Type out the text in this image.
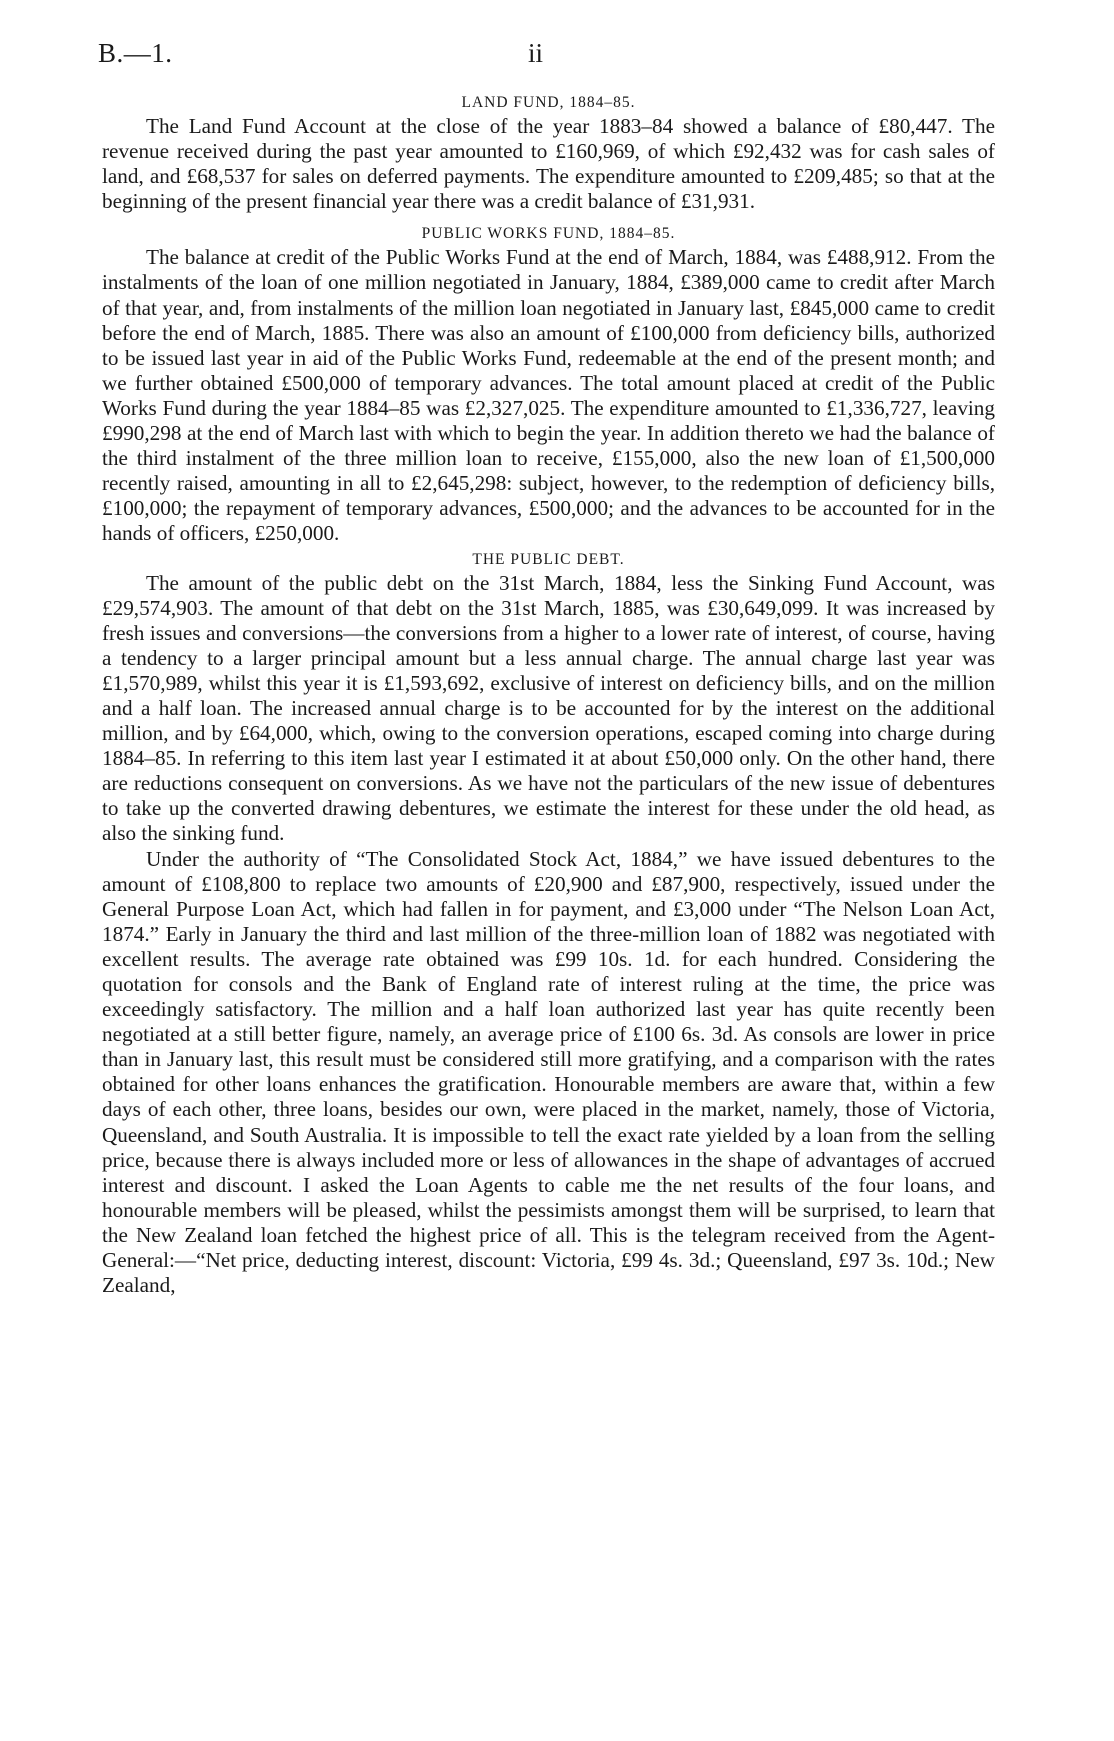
B.—1.	ii
LAND FUND, 1884–85.

The Land Fund Account at the close of the year 1883–84 showed a balance of £80,447. The revenue received during the past year amounted to £160,969, of which £92,432 was for cash sales of land, and £68,537 for sales on deferred payments. The expenditure amounted to £209,485; so that at the beginning of the present financial year there was a credit balance of £31,931.

PUBLIC WORKS FUND, 1884–85.

The balance at credit of the Public Works Fund at the end of March, 1884, was £488,912. From the instalments of the loan of one million negotiated in January, 1884, £389,000 came to credit after March of that year, and, from instalments of the million loan negotiated in January last, £845,000 came to credit before the end of March, 1885. There was also an amount of £100,000 from deficiency bills, authorized to be issued last year in aid of the Public Works Fund, redeemable at the end of the present month; and we further obtained £500,000 of temporary advances. The total amount placed at credit of the Public Works Fund during the year 1884–85 was £2,327,025. The expenditure amounted to £1,336,727, leaving £990,298 at the end of March last with which to begin the year. In addition thereto we had the balance of the third instalment of the three million loan to receive, £155,000, also the new loan of £1,500,000 recently raised, amounting in all to £2,645,298: subject, however, to the redemption of deficiency bills, £100,000; the repayment of temporary advances, £500,000; and the advances to be accounted for in the hands of officers, £250,000.

THE PUBLIC DEBT.

The amount of the public debt on the 31st March, 1884, less the Sinking Fund Account, was £29,574,903. The amount of that debt on the 31st March, 1885, was £30,649,099. It was increased by fresh issues and conversions—the conversions from a higher to a lower rate of interest, of course, having a tendency to a larger principal amount but a less annual charge. The annual charge last year was £1,570,989, whilst this year it is £1,593,692, exclusive of interest on deficiency bills, and on the million and a half loan. The increased annual charge is to be accounted for by the interest on the additional million, and by £64,000, which, owing to the conversion operations, escaped coming into charge during 1884–85. In referring to this item last year I estimated it at about £50,000 only. On the other hand, there are reductions consequent on conversions. As we have not the particulars of the new issue of debentures to take up the converted drawing debentures, we estimate the interest for these under the old head, as also the sinking fund.

Under the authority of “The Consolidated Stock Act, 1884,” we have issued debentures to the amount of £108,800 to replace two amounts of £20,900 and £87,900, respectively, issued under the General Purpose Loan Act, which had fallen in for payment, and £3,000 under “The Nelson Loan Act, 1874.” Early in January the third and last million of the three-million loan of 1882 was negotiated with excellent results. The average rate obtained was £99 10s. 1d. for each hundred. Considering the quotation for consols and the Bank of England rate of interest ruling at the time, the price was exceedingly satisfactory. The million and a half loan authorized last year has quite recently been negotiated at a still better figure, namely, an average price of £100 6s. 3d. As consols are lower in price than in January last, this result must be considered still more gratifying, and a comparison with the rates obtained for other loans enhances the gratification. Honourable members are aware that, within a few days of each other, three loans, besides our own, were placed in the market, namely, those of Victoria, Queensland, and South Australia. It is impossible to tell the exact rate yielded by a loan from the selling price, because there is always included more or less of allowances in the shape of advantages of accrued interest and discount. I asked the Loan Agents to cable me the net results of the four loans, and honourable members will be pleased, whilst the pessimists amongst them will be surprised, to learn that the New Zealand loan fetched the highest price of all. This is the telegram received from the Agent-General:—“Net price, deducting interest, discount: Victoria, £99 4s. 3d.; Queensland, £97 3s. 10d.; New Zealand,
